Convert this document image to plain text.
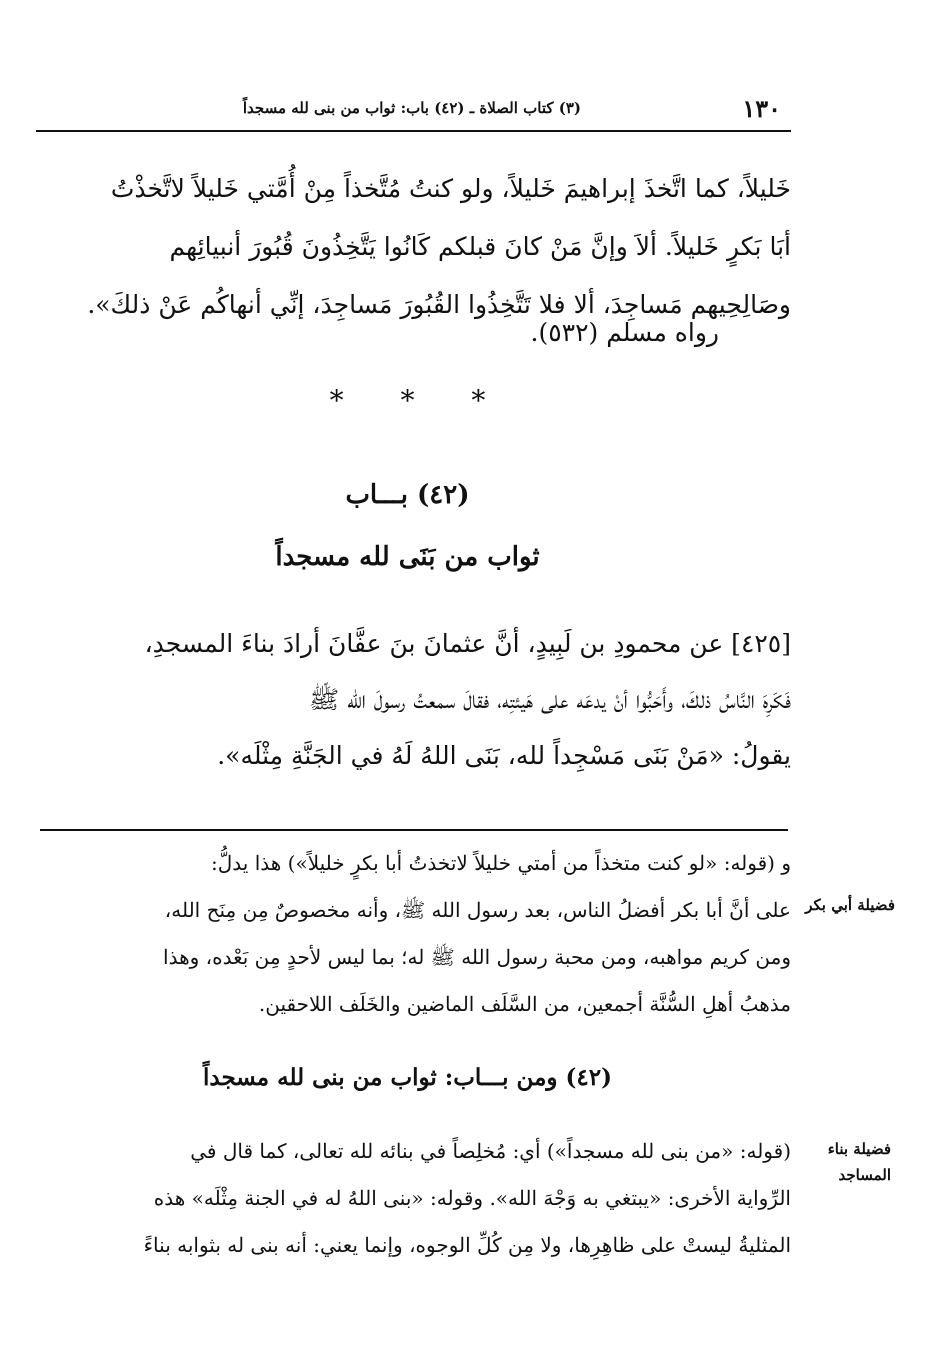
١٣٠
(٣) كتاب الصلاة ـ (٤٢) باب: ثواب من بنى لله مسجداً
خَليلاً، كما اتَّخذَ إبراهيمَ خَليلاً، ولو كنتُ مُتَّخذاً مِنْ أُمَّتي خَليلاً لاتَّخذْتُ
أبَا بَكرٍ خَليلاً. ألاَ وإنَّ مَنْ كانَ قبلكم كَانُوا يَتَّخِذُونَ قُبُورَ أنبيائِهم
وصَالِحِيهم مَساجِدَ، ألا فلا تَتَّخِذُوا القُبُورَ مَساجِدَ، إنِّي أنهاكُم عَنْ ذلكَ».
رواه مسلم (٥٣٢).
* * *
(٤٢) بـــاب
ثواب من بَنَى لله مسجداً
[٤٢٥] عن محمودِ بن لَبِيدٍ، أنَّ عثمانَ بنَ عفَّانَ أرادَ بناءَ المسجدِ،
فَكَرِهَ النَّاسُ ذلكَ، وأَحَبُّوا أنْ يدعَه على هَيئتِه، فقالَ سمعتُ رسولَ الله ﷺ
يقولُ: «مَنْ بَنَى مَسْجِداً لله، بَنَى اللهُ لَهُ في الجَنَّةِ مِثْلَه».
و (قوله: «لو كنت متخذاً من أمتي خليلاً لاتخذتُ أبا بكرٍ خليلاً») هذا يدلُّ:
على أنَّ أبا بكر أفضلُ الناس، بعد رسول الله ﷺ، وأنه مخصوصٌ مِن مِنَح الله،
ومن كريم مواهبه، ومن محبة رسول الله ﷺ له؛ بما ليس لأحدٍ مِن بَعْده، وهذا
مذهبُ أهلِ السُّنَّة أجمعين، من السَّلَف الماضين والخَلَف اللاحقين.
فضيلة أبي بكر
(٤٢) ومن بـــاب: ثواب من بنى لله مسجداً
(قوله: «من بنى لله مسجداً») أي: مُخلِصاً في بنائه لله تعالى، كما قال في
الرِّواية الأخرى: «يبتغي به وَجْهَ الله». وقوله: «بنى اللهُ له في الجنة مِثْلَه» هذه
المثليةُ ليستْ على ظاهِرِها، ولا مِن كُلِّ الوجوه، وإنما يعني: أنه بنى له بثوابه بناءً
فضيلة بناء
المساجد
